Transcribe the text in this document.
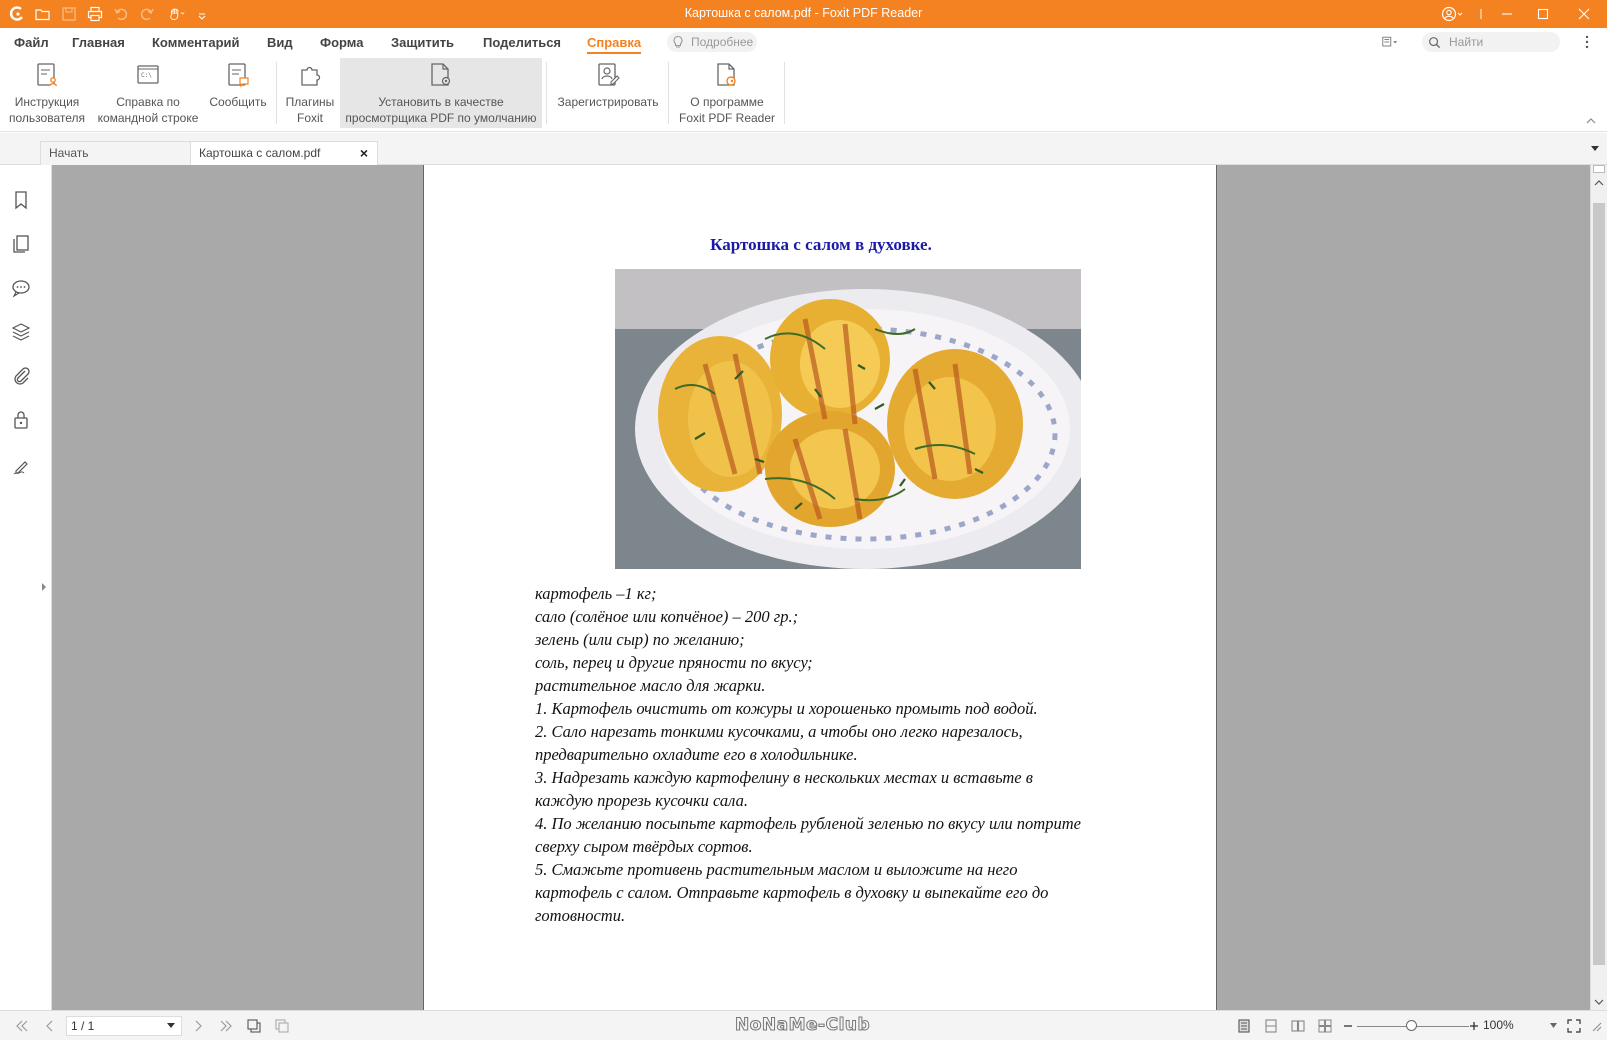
Картошка с салом.pdf - Foxit PDF Reader
Файл Главная Комментарий Вид Форма Защитить Поделиться Справка	Подробнее	Найти
Инструкция
пользователя
C:\
Справка по
командной строке
Сообщить Плагины
Foxit
Установить в качестве
просмотрщика PDF по умолчанию
Зарегистрировать	О программе
Foxit PDF Reader
Начать	Картошка с салом.pdf	×
Картошка с салом в духовке.
картофель –1 кг;
сало (солёное или копчёное) – 200 гр.;
зелень (или сыр) по желанию;
соль, перец и другие пряности по вкусу;
растительное масло для жарки.
1. Картофель очистить от кожуры и хорошенько промыть под водой.
2. Сало нарезать тонкими кусочками, а чтобы оно легко нарезалось,
предварительно охладите его в холодильнике.
3. Надрезать каждую картофелину в нескольких местах и вставьте в
каждую прорезь кусочки сала.
4. По желанию посыпьте картофель рубленой зеленью по вкусу или потрите
сверху сыром твёрдых сортов.
5. Смажьте противень растительным маслом и выложите на него
картофель с салом. Отправьте картофель в духовку и выпекайте его до
готовности.
1 / 1	NoNaMe-Club	100%
